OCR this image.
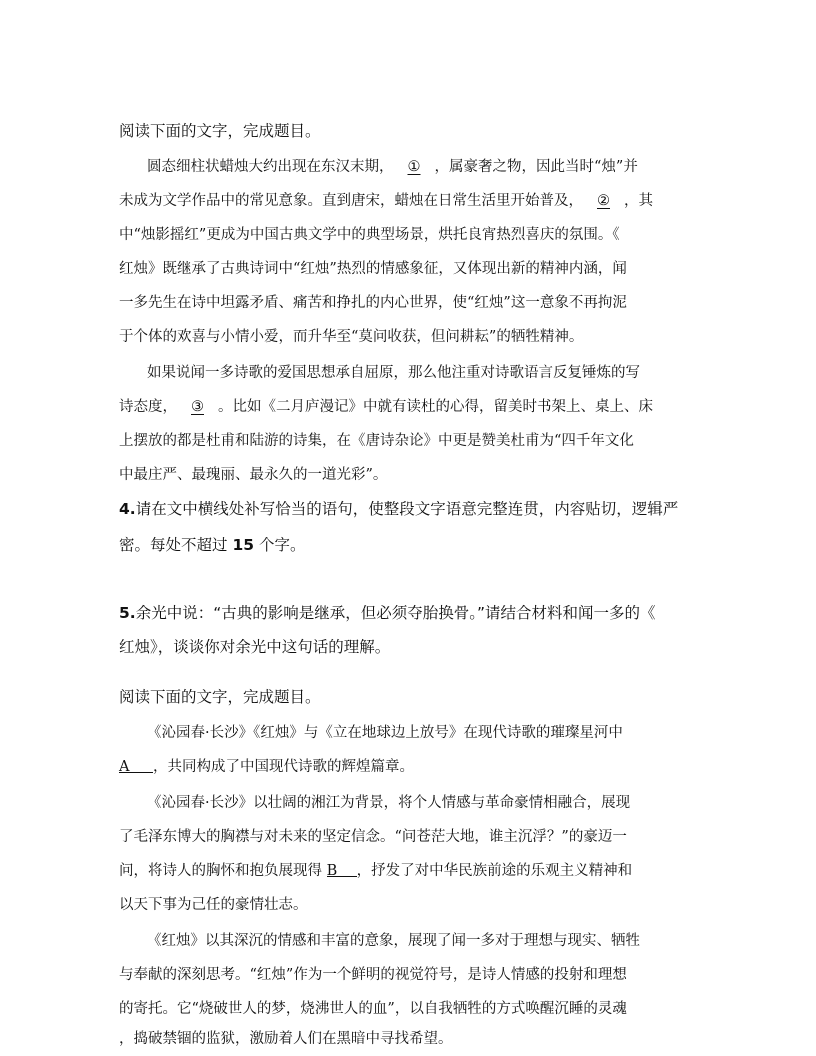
阅读下面的文字，完成题目。
圆态细柱状蜡烛大约出现在东汉末期， ① ，属豪奢之物，因此当时“烛”并
未成为文学作品中的常见意象。直到唐宋，蜡烛在日常生活里开始普及， ② ，其
中“烛影摇红”更成为中国古典文学中的典型场景，烘托良宵热烈喜庆的氛围。《
红烛》既继承了古典诗词中“红烛”热烈的情感象征，又体现出新的精神内涵，闻
一多先生在诗中坦露矛盾、痛苦和挣扎的内心世界，使“红烛”这一意象不再拘泥
于个体的欢喜与小情小爱，而升华至“莫问收获，但问耕耘”的牺牲精神。
如果说闻一多诗歌的爱国思想承自屈原，那么他注重对诗歌语言反复锤炼的写
诗态度， ③ 。比如《二月庐漫记》中就有读杜的心得，留美时书架上、桌上、床
上摆放的都是杜甫和陆游的诗集，在《唐诗杂论》中更是赞美杜甫为“四千年文化
中最庄严、最瑰丽、最永久的一道光彩”。
4.请在文中横线处补写恰当的语句，使整段文字语意完整连贯，内容贴切，逻辑严
密。每处不超过 15 个字。
5.余光中说：“古典的影响是继承，但必须夺胎换骨。”请结合材料和闻一多的《
红烛》，谈谈你对余光中这句话的理解。
阅读下面的文字，完成题目。
《沁园春·长沙》《红烛》与《立在地球边上放号》在现代诗歌的璀璨星河中
A ，共同构成了中国现代诗歌的辉煌篇章。
《沁园春·长沙》以壮阔的湘江为背景，将个人情感与革命豪情相融合，展现
了毛泽东博大的胸襟与对未来的坚定信念。“问苍茫大地，谁主沉浮？”的豪迈一
问，将诗人的胸怀和抱负展现得 B ，抒发了对中华民族前途的乐观主义精神和
以天下事为己任的豪情壮志。
《红烛》以其深沉的情感和丰富的意象，展现了闻一多对于理想与现实、牺牲
与奉献的深刻思考。“红烛”作为一个鲜明的视觉符号，是诗人情感的投射和理想
的寄托。它“烧破世人的梦，烧沸世人的血”，以自我牺牲的方式唤醒沉睡的灵魂
，捣破禁锢的监狱，激励着人们在黑暗中寻找希望。
